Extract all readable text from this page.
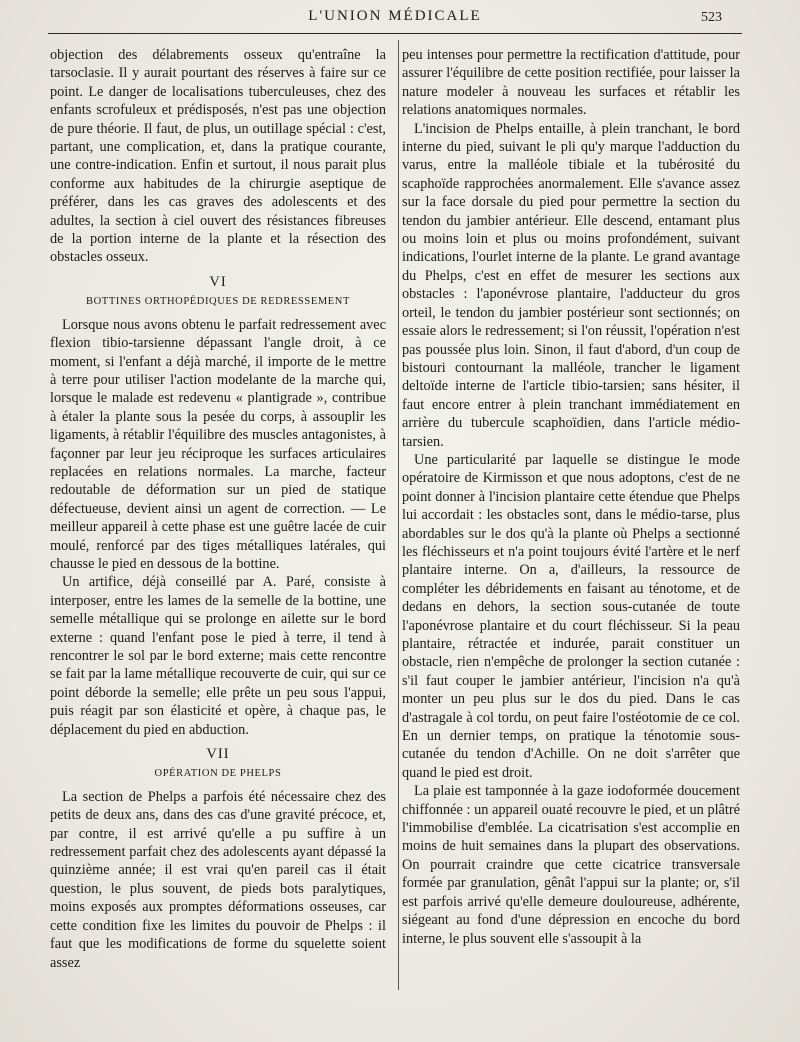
L'UNION MÉDICALE	523

objection des délabrements osseux qu'entraîne la tarsoclasie. Il y aurait pourtant des réserves à faire sur ce point. Le danger de localisations tuberculeuses, chez des enfants scrofuleux et prédisposés, n'est pas une objection de pure théorie. Il faut, de plus, un outillage spécial : c'est, partant, une complication, et, dans la pratique courante, une contre-indication. Enfin et surtout, il nous parait plus conforme aux habitudes de la chirurgie aseptique de préférer, dans les cas graves des adolescents et des adultes, la section à ciel ouvert des résistances fibreuses de la portion interne de la plante et la résection des obstacles osseux.

VI
BOTTINES ORTHOPÉDIQUES DE REDRESSEMENT

Lorsque nous avons obtenu le parfait redressement avec flexion tibio-tarsienne dépassant l'angle droit, à ce moment, si l'enfant a déjà marché, il importe de le mettre à terre pour utiliser l'action modelante de la marche qui, lorsque le malade est redevenu « plantigrade », contribue à étaler la plante sous la pesée du corps, à assouplir les ligaments, à rétablir l'équilibre des muscles antagonistes, à façonner par leur jeu réciproque les surfaces articulaires replacées en relations normales. La marche, facteur redoutable de déformation sur un pied de statique défectueuse, devient ainsi un agent de correction. — Le meilleur appareil à cette phase est une guêtre lacée de cuir moulé, renforcé par des tiges métalliques latérales, qui chausse le pied en dessous de la bottine.

Un artifice, déjà conseillé par A. Paré, consiste à interposer, entre les lames de la semelle de la bottine, une semelle métallique qui se prolonge en ailette sur le bord externe : quand l'enfant pose le pied à terre, il tend à rencontrer le sol par le bord externe; mais cette rencontre se fait par la lame métallique recouverte de cuir, qui sur ce point déborde la semelle; elle prête un peu sous l'appui, puis réagit par son élasticité et opère, à chaque pas, le déplacement du pied en abduction.

VII
OPÉRATION DE PHELPS

La section de Phelps a parfois été nécessaire chez des petits de deux ans, dans des cas d'une gravité précoce, et, par contre, il est arrivé qu'elle a pu suffire à un redressement parfait chez des adolescents ayant dépassé la quinzième année; il est vrai qu'en pareil cas il était question, le plus souvent, de pieds bots paralytiques, moins exposés aux promptes déformations osseuses, car cette condition fixe les limites du pouvoir de Phelps : il faut que les modifications de forme du squelette soient assez

peu intenses pour permettre la rectification d'attitude, pour assurer l'équilibre de cette position rectifiée, pour laisser la nature modeler à nouveau les surfaces et rétablir les relations anatomiques normales.

L'incision de Phelps entaille, à plein tranchant, le bord interne du pied, suivant le pli qu'y marque l'adduction du varus, entre la malléole tibiale et la tubérosité du scaphoïde rapprochées anormalement. Elle s'avance assez sur la face dorsale du pied pour permettre la section du tendon du jambier antérieur. Elle descend, entamant plus ou moins loin et plus ou moins profondément, suivant indications, l'ourlet interne de la plante. Le grand avantage du Phelps, c'est en effet de mesurer les sections aux obstacles : l'aponévrose plantaire, l'adducteur du gros orteil, le tendon du jambier postérieur sont sectionnés; on essaie alors le redressement; si l'on réussit, l'opération n'est pas poussée plus loin. Sinon, il faut d'abord, d'un coup de bistouri contournant la malléole, trancher le ligament deltoïde interne de l'article tibio-tarsien; sans hésiter, il faut encore entrer à plein tranchant immédiatement en arrière du tubercule scaphoïdien, dans l'article médio-tarsien.

Une particularité par laquelle se distingue le mode opératoire de Kirmisson et que nous adoptons, c'est de ne point donner à l'incision plantaire cette étendue que Phelps lui accordait : les obstacles sont, dans le médio-tarse, plus abordables sur le dos qu'à la plante où Phelps a sectionné les fléchisseurs et n'a point toujours évité l'artère et le nerf plantaire interne. On a, d'ailleurs, la ressource de compléter les débridements en faisant au ténotome, et de dedans en dehors, la section sous-cutanée de toute l'aponévrose plantaire et du court fléchisseur. Si la peau plantaire, rétractée et indurée, parait constituer un obstacle, rien n'empêche de prolonger la section cutanée : s'il faut couper le jambier antérieur, l'incision n'a qu'à monter un peu plus sur le dos du pied. Dans le cas d'astragale à col tordu, on peut faire l'ostéotomie de ce col. En un dernier temps, on pratique la ténotomie sous-cutanée du tendon d'Achille. On ne doit s'arrêter que quand le pied est droit.

La plaie est tamponnée à la gaze iodoformée doucement chiffonnée : un appareil ouaté recouvre le pied, et un plâtré l'immobilise d'emblée. La cicatrisation s'est accomplie en moins de huit semaines dans la plupart des observations. On pourrait craindre que cette cicatrice transversale formée par granulation, gênât l'appui sur la plante; or, s'il est parfois arrivé qu'elle demeure douloureuse, adhérente, siégeant au fond d'une dépression en encoche du bord interne, le plus souvent elle s'assoupit à la
